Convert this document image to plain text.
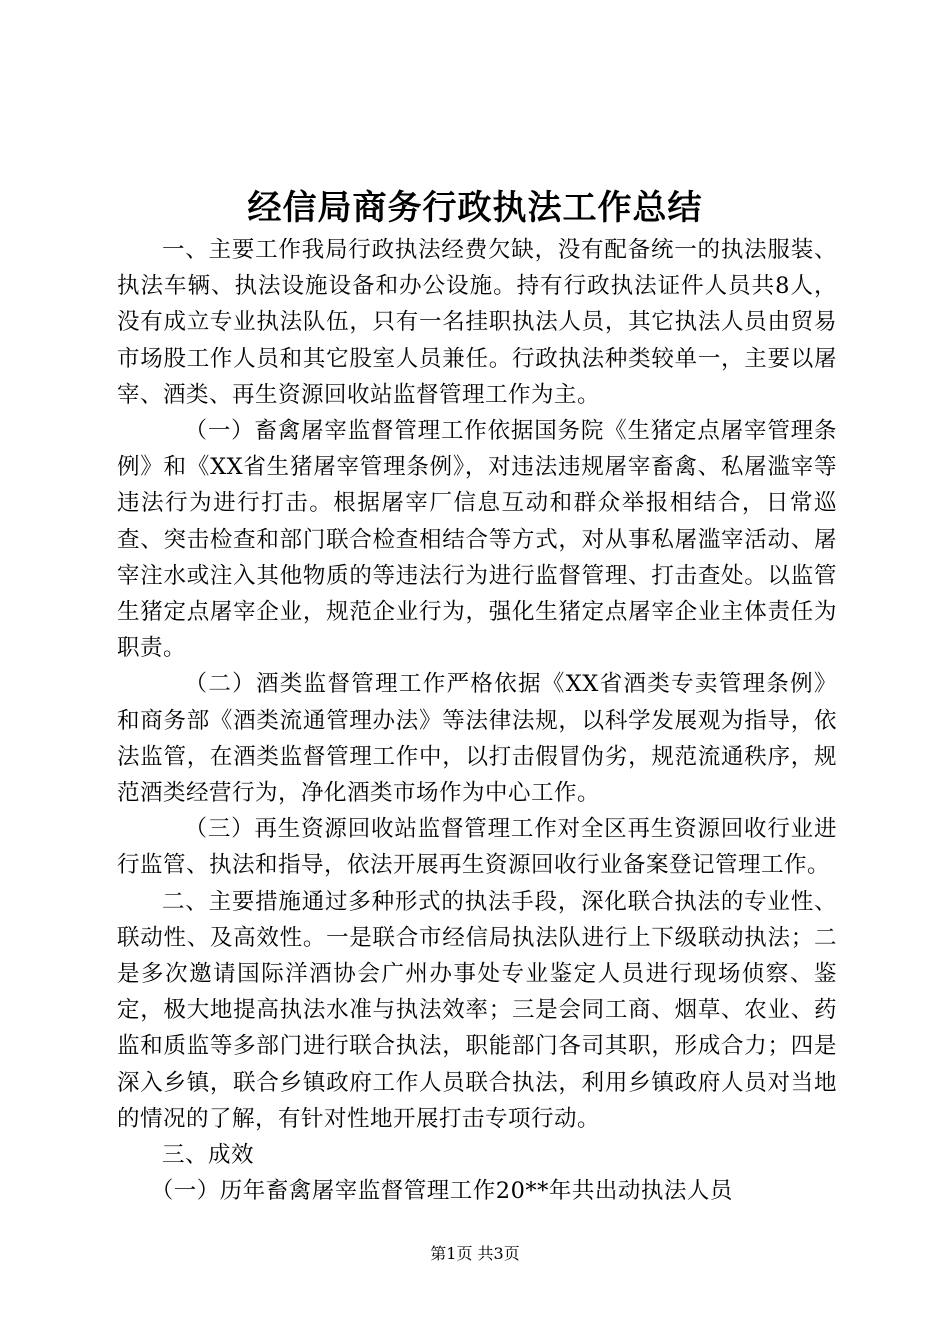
经信局商务行政执法工作总结

一、主要工作我局行政执法经费欠缺，没有配备统一的执法服装、执法车辆、执法设施设备和办公设施。持有行政执法证件人员共8人，没有成立专业执法队伍，只有一名挂职执法人员，其它执法人员由贸易市场股工作人员和其它股室人员兼任。行政执法种类较单一，主要以屠宰、酒类、再生资源回收站监督管理工作为主。

（一）畜禽屠宰监督管理工作依据国务院《生猪定点屠宰管理条例》和《XX省生猪屠宰管理条例》，对违法违规屠宰畜禽、私屠滥宰等违法行为进行打击。根据屠宰厂信息互动和群众举报相结合，日常巡查、突击检查和部门联合检查相结合等方式，对从事私屠滥宰活动、屠宰注水或注入其他物质的等违法行为进行监督管理、打击查处。以监管生猪定点屠宰企业，规范企业行为，强化生猪定点屠宰企业主体责任为职责。

（二）酒类监督管理工作严格依据《XX省酒类专卖管理条例》和商务部《酒类流通管理办法》等法律法规，以科学发展观为指导，依法监管，在酒类监督管理工作中，以打击假冒伪劣，规范流通秩序，规范酒类经营行为，净化酒类市场作为中心工作。

（三）再生资源回收站监督管理工作对全区再生资源回收行业进行监管、执法和指导，依法开展再生资源回收行业备案登记管理工作。

二、主要措施通过多种形式的执法手段，深化联合执法的专业性、联动性、及高效性。一是联合市经信局执法队进行上下级联动执法；二是多次邀请国际洋酒协会广州办事处专业鉴定人员进行现场侦察、鉴定，极大地提高执法水准与执法效率；三是会同工商、烟草、农业、药监和质监等多部门进行联合执法，职能部门各司其职，形成合力；四是深入乡镇，联合乡镇政府工作人员联合执法，利用乡镇政府人员对当地的情况的了解，有针对性地开展打击专项行动。

三、成效

（一）历年畜禽屠宰监督管理工作20**年共出动执法人员

第1页 共3页
